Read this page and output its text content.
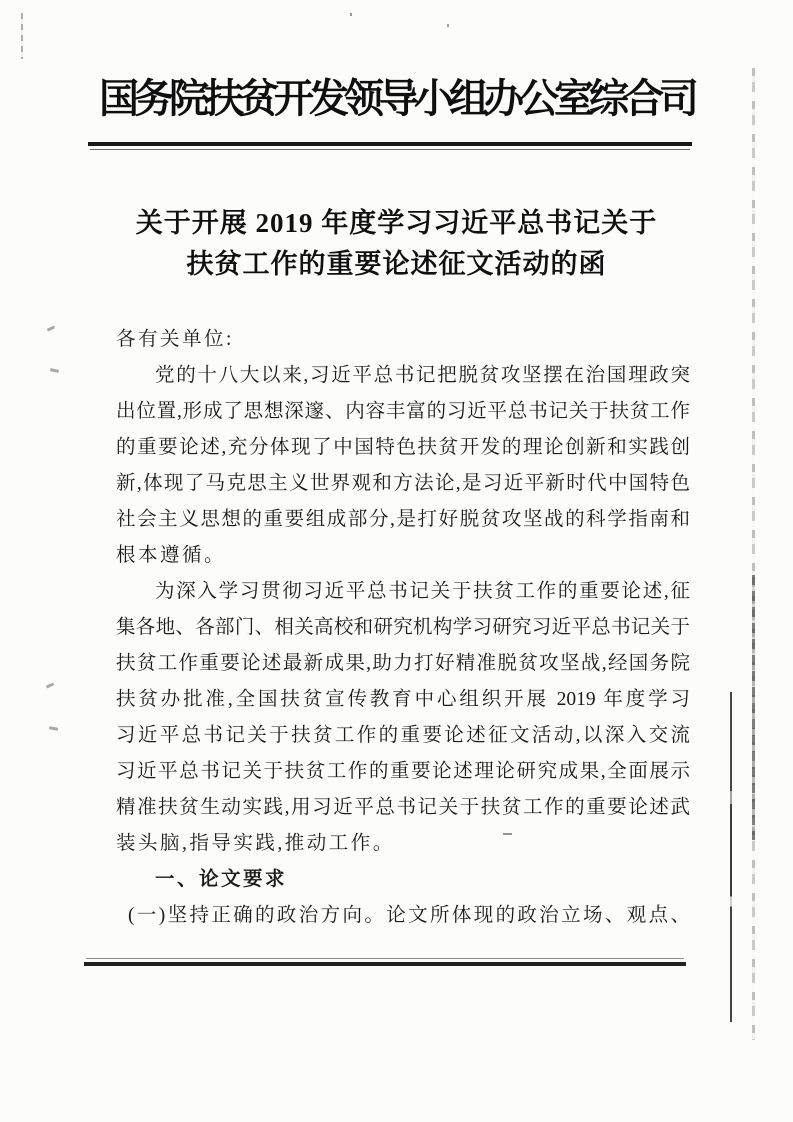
国务院扶贫开发领导小组办公室综合司
关于开展 2019 年度学习习近平总书记关于
扶贫工作的重要论述征文活动的函
各有关单位:
党的十八大以来,习近平总书记把脱贫攻坚摆在治国理政突
出位置,形成了思想深邃、内容丰富的习近平总书记关于扶贫工作
的重要论述,充分体现了中国特色扶贫开发的理论创新和实践创
新,体现了马克思主义世界观和方法论,是习近平新时代中国特色
社会主义思想的重要组成部分,是打好脱贫攻坚战的科学指南和
根本遵循。
为深入学习贯彻习近平总书记关于扶贫工作的重要论述,征
集各地、各部门、相关高校和研究机构学习研究习近平总书记关于
扶贫工作重要论述最新成果,助力打好精准脱贫攻坚战,经国务院
扶贫办批准,全国扶贫宣传教育中心组织开展 2019 年度学习
习近平总书记关于扶贫工作的重要论述征文活动,以深入交流
习近平总书记关于扶贫工作的重要论述理论研究成果,全面展示
精准扶贫生动实践,用习近平总书记关于扶贫工作的重要论述武
装头脑,指导实践,推动工作。
一、论文要求
(一)坚持正确的政治方向。论文所体现的政治立场、观点、
